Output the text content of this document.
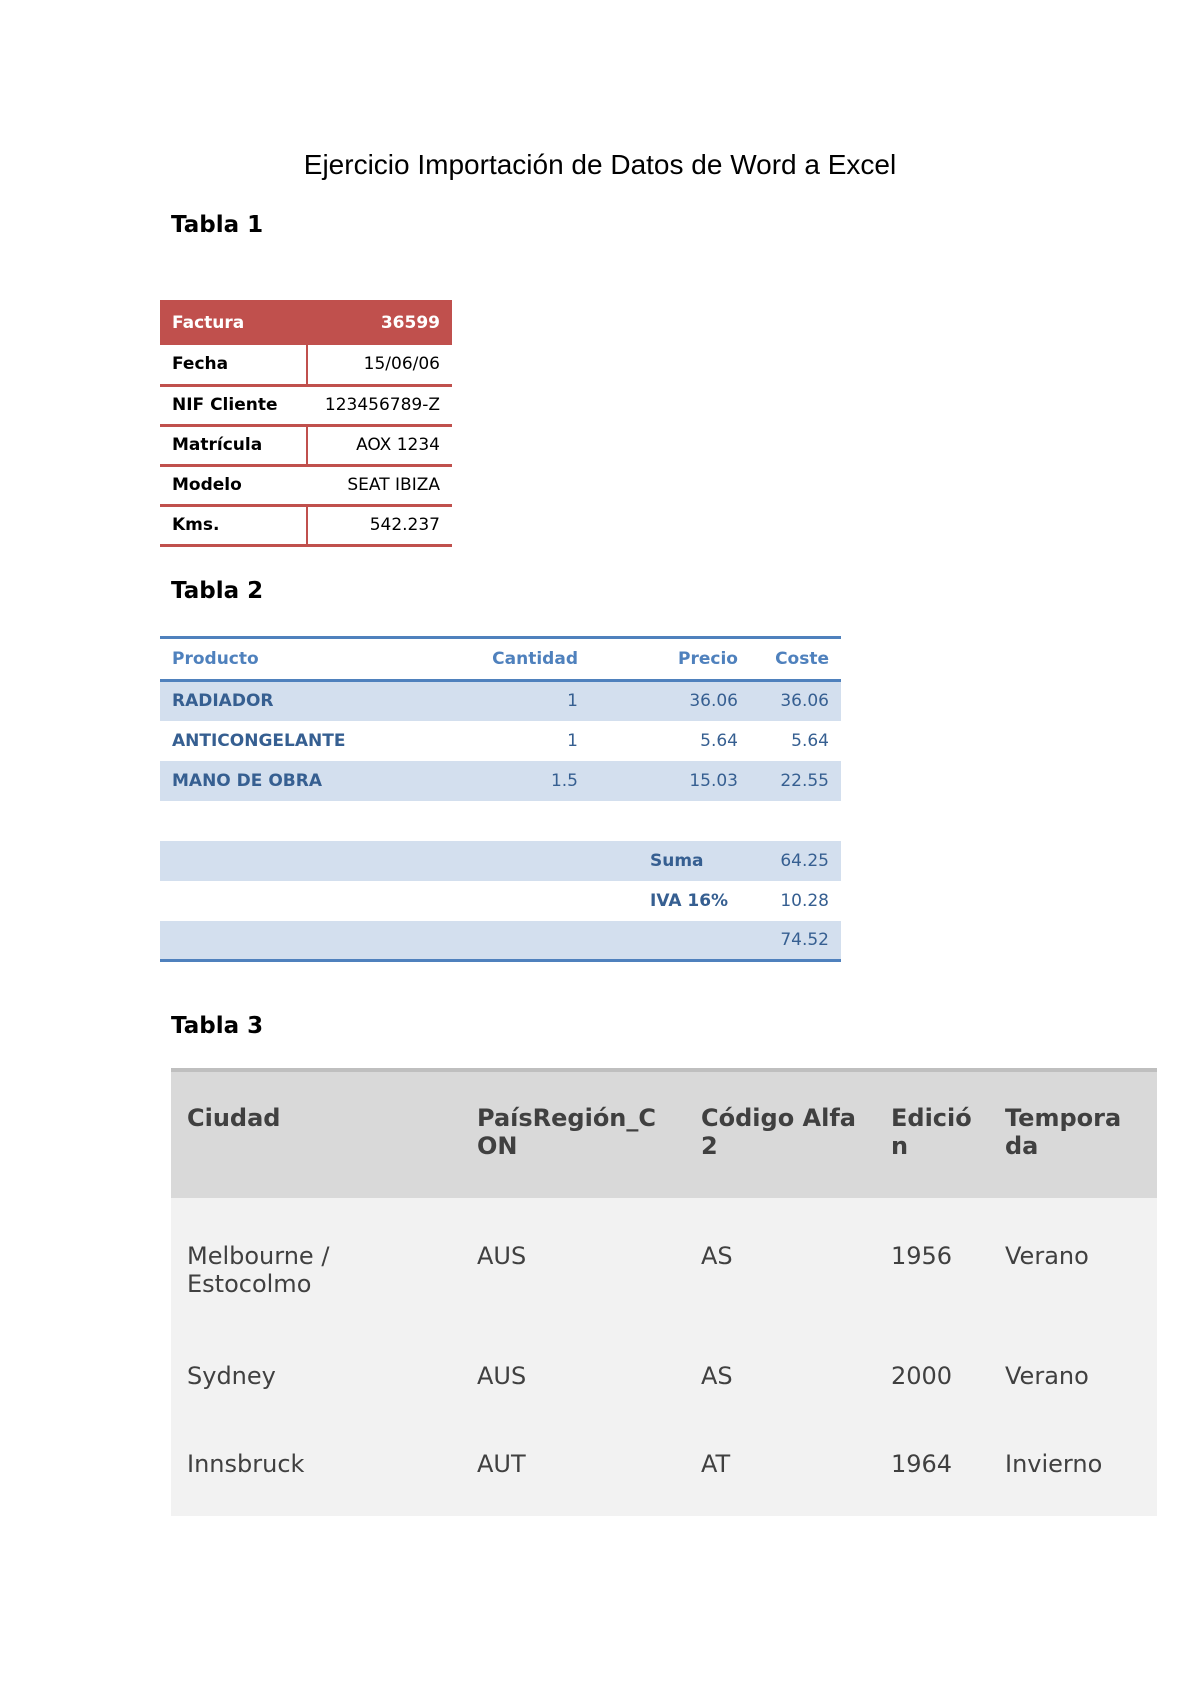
Ejercicio Importación de Datos de Word a Excel
Tabla 1
Factura	36599
Fecha	15/06/06
NIF Cliente	123456789-Z
Matrícula	AOX 1234
Modelo	SEAT IBIZA
Kms.	542.237
Tabla 2
Producto	Cantidad	Precio	Coste
RADIADOR	1	36.06	36.06
ANTICONGELANTE	1	5.64	5.64
MANO DE OBRA	1.5	15.03	22.55

		Suma	64.25
		IVA 16%	10.28
			74.52
Tabla 3
Ciudad	PaísRegión_C ON	Código Alfa 2	Edició n	Tempora da
Melbourne / Estocolmo	AUS	AS	1956	Verano
Sydney	AUS	AS	2000	Verano
Innsbruck	AUT	AT	1964	Invierno
